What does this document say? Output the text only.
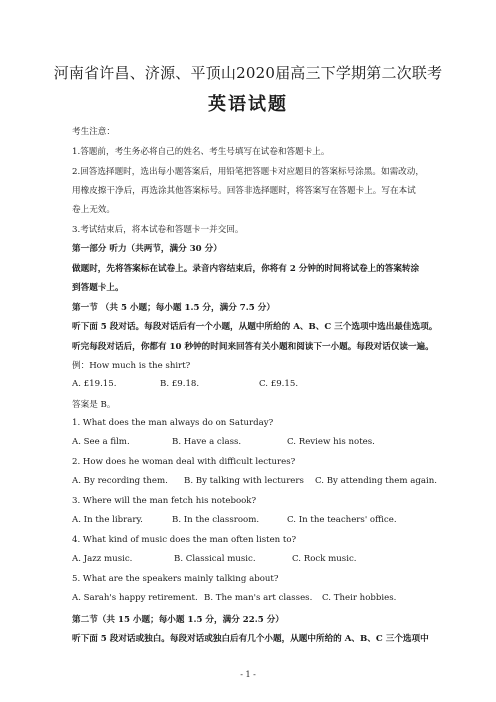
河南省许昌、济源、平顶山2020届高三下学期第二次联考
英语试题
考生注意：
1.答题前，考生务必将自己的姓名、考生号填写在试卷和答题卡上。
2.回答选择题时，选出每小题答案后，用铅笔把答题卡对应题目的答案标号涂黑。如需改动，
用橡皮擦干净后，再选涂其他答案标号。回答非选择题时，将答案写在答题卡上。写在本试
卷上无效。
3.考试结束后，将本试卷和答题卡一并交回。
第一部分 听力（共两节，满分 30 分）
做题时，先将答案标在试卷上。录音内容结束后，你将有 2 分钟的时间将试卷上的答案转涂
到答题卡上。
第一节 （共 5 小题；每小题 1.5 分，满分 7.5 分）
听下面 5 段对话。每段对话后有一个小题，从题中所给的 A、B、C 三个选项中选出最佳选项。
听完每段对话后，你都有 10 秒钟的时间来回答有关小题和阅读下一小题。每段对话仅读一遍。
例：How much is the shirt?
A. £19.15.	B. £9.18.	C. £9.15.
答案是 B。
1. What does the man always do on Saturday?
A. See a film.	B. Have a class.	C. Review his notes.
2. How does he woman deal with difficult lectures?
A. By recording them. B. By talking with lecturers C. By attending them again.
3. Where will the man fetch his notebook?
A. In the library.	B. In the classroom.	C. In the teachers' office.
4. What kind of music does the man often listen to?
A. Jazz music.	B. Classical music.	C. Rock music.
5. What are the speakers mainly talking about?
A. Sarah's happy retirement. B. The man's art classes. C. Their hobbies.
第二节（共 15 小题；每小题 1.5 分，满分 22.5 分）
听下面 5 段对话或独白。每段对话或独白后有几个小题，从题中所给的 A、B、C 三个选项中
- 1 -
